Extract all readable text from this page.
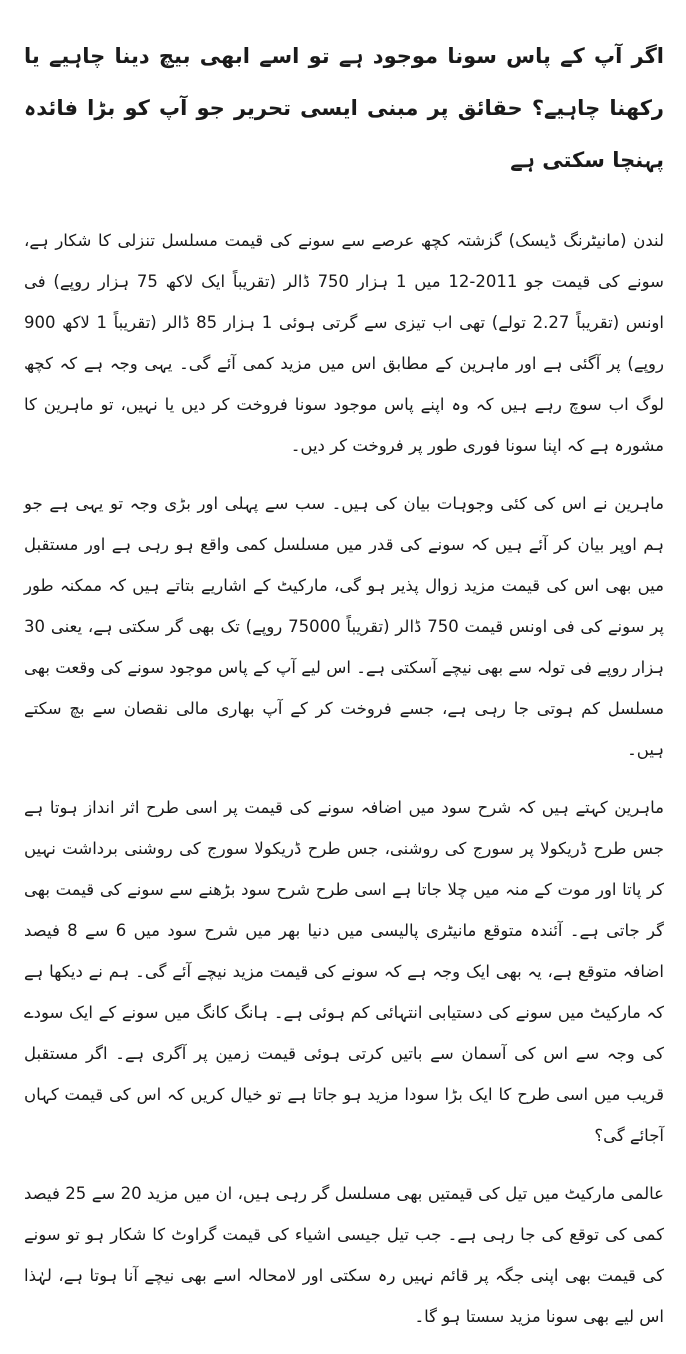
اگر آپ کے پاس سونا موجود ہے تو اسے ابھی بیچ دینا چاہیے یا رکھنا چاہیے؟ حقائق پر مبنی ایسی تحریر جو آپ کو بڑا فائدہ پہنچا سکتی ہے

لندن (مانیٹرنگ ڈیسک) گزشتہ کچھ عرصے سے سونے کی قیمت مسلسل تنزلی کا شکار ہے، سونے کی قیمت جو 2011-12 میں 1 ہزار 750 ڈالر (تقریباً ایک لاکھ 75 ہزار روپے) فی اونس (تقریباً 2.27 تولے) تھی اب تیزی سے گرتی ہوئی 1 ہزار 85 ڈالر (تقریباً 1 لاکھ 900 روپے) پر آگئی ہے اور ماہرین کے مطابق اس میں مزید کمی آئے گی۔ یہی وجہ ہے کہ کچھ لوگ اب سوچ رہے ہیں کہ وہ اپنے پاس موجود سونا فروخت کر دیں یا نہیں، تو ماہرین کا مشورہ ہے کہ اپنا سونا فوری طور پر فروخت کر دیں۔

ماہرین نے اس کی کئی وجوہات بیان کی ہیں۔ سب سے پہلی اور بڑی وجہ تو یہی ہے جو ہم اوپر بیان کر آئے ہیں کہ سونے کی قدر میں مسلسل کمی واقع ہو رہی ہے اور مستقبل میں بھی اس کی قیمت مزید زوال پذیر ہو گی، مارکیٹ کے اشاریے بتاتے ہیں کہ ممکنہ طور پر سونے کی فی اونس قیمت 750 ڈالر (تقریباً 75000 روپے) تک بھی گر سکتی ہے، یعنی 30 ہزار روپے فی تولہ سے بھی نیچے آسکتی ہے۔ اس لیے آپ کے پاس موجود سونے کی وقعت بھی مسلسل کم ہوتی جا رہی ہے، جسے فروخت کر کے آپ بھاری مالی نقصان سے بچ سکتے ہیں۔

ماہرین کہتے ہیں کہ شرح سود میں اضافہ سونے کی قیمت پر اسی طرح اثر انداز ہوتا ہے جس طرح ڈریکولا پر سورج کی روشنی، جس طرح ڈریکولا سورج کی روشنی برداشت نہیں کر پاتا اور موت کے منہ میں چلا جاتا ہے اسی طرح شرح سود بڑھنے سے سونے کی قیمت بھی گر جاتی ہے۔ آئندہ متوقع مانیٹری پالیسی میں دنیا بھر میں شرح سود میں 6 سے 8 فیصد اضافہ متوقع ہے، یہ بھی ایک وجہ ہے کہ سونے کی قیمت مزید نیچے آئے گی۔ ہم نے دیکھا ہے کہ مارکیٹ میں سونے کی دستیابی انتہائی کم ہوئی ہے۔ ہانگ کانگ میں سونے کے ایک سودے کی وجہ سے اس کی آسمان سے باتیں کرتی ہوئی قیمت زمین پر آگری ہے۔ اگر مستقبل قریب میں اسی طرح کا ایک بڑا سودا مزید ہو جاتا ہے تو خیال کریں کہ اس کی قیمت کہاں آجائے گی؟

عالمی مارکیٹ میں تیل کی قیمتیں بھی مسلسل گر رہی ہیں، ان میں مزید 20 سے 25 فیصد کمی کی توقع کی جا رہی ہے۔ جب تیل جیسی اشیاء کی قیمت گراوٹ کا شکار ہو تو سونے کی قیمت بھی اپنی جگہ پر قائم نہیں رہ سکتی اور لامحالہ اسے بھی نیچے آنا ہوتا ہے، لہٰذا اس لیے بھی سونا مزید سستا ہو گا۔
